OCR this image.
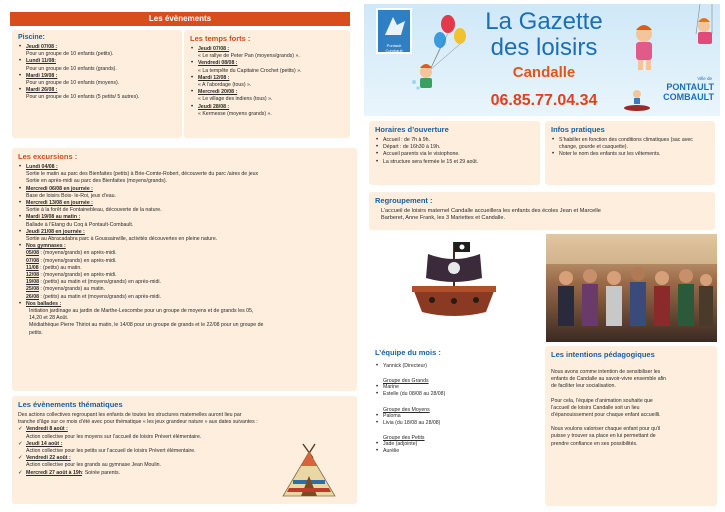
Les évènements
Piscine:
• Jeudi 07/08 :
Pour un groupe de 10 enfants (petits).
• Lundi 11/08:
Pour un groupe de 10 enfants (grands).
• Mardi 19/08 :
Pour un groupe de 10 enfants (moyens).
• Mardi 26/08 :
Pour un groupe de 10 enfants (5 petits/ 5 autres).
Les temps forts :
• Jeudi 07/08 :
« Le rallye de Peter Pan (moyens/grands) ».
• Vendredi 08/08 :
« La tempête du Capitaine Crochet (petits) ».
• Mardi 12/08 :
« A l’abordage (tous) ».
• Mercredi 20/08 :
« Le village des indiens (tous) ».
• Jeudi 28/08 :
« Kermesse (moyens grands) ».
Les excursions :
• Lundi 04/08 :
Sortie le matin au parc des Bienfaites (petits) à Brie-Comte-Robert, découverte du parc /aires de jeux
Sortie en après-midi au parc des Bienfaites (moyens/grands).
• Mercredi 06/08 en journée :
Base de loisirs Bois- le-Roi, jeux d’eau.
• Mercredi 13/08 en journée :
Sortie à la forêt de Fontainebleau, découverte de la nature.
• Mardi 19/08 au matin :
Ballade à l’Etang du Coq à Pontault-Combault.
• Jeudi 21/08 en journée :
Sortie au Abracadabra parc à Goussainville, activités découvertes en pleine nature.
• Nos gymnases :
05/08 : (moyens/grands) en après-midi.
07/08 : (moyens/grands) en après-midi.
11/08 : (petits) au matin.
12/08 : (moyens/grands) en après-midi.
19/08 : (petits) au matin et (moyens/grands) en après-midi.
25/08 : (moyens/grands) au matin.
26/08 : (petits) au matin et (moyens/grands) en après-midi.
• Nos ballades :
Initiation jardinage au jardin de Marthe-Lescombe pour un groupe de moyens et de grands les 05,
14,20 et 28 Août.
Médiathèque Pierre Thiriot au matin, le 14/08 pour un groupe de grands et le 22/08 pour un groupe de
petits.
Les évènements thématiques
Des actions collectives regroupant les enfants de toutes les structures maternelles auront lieu par
tranche d’âge sur ce mois d’été avec pour thématique « les jeux grandeur nature » aux dates suivantes :
✓ Vendredi 8 août :
Action collective pour les moyens sur l’accueil de loisirs Prévert élémentaire.
✓ Jeudi 14 août :
Action collective pour les petits sur l’accueil de loisirs Prévert élémentaire.
✓ Vendredi 22 août :
Action collective pour les grands au gymnase Jean Moulin.
✓ Mercredi 27 août à 19h: Soirée parents.
Pontault Combault
La Gazette
des loisirs
Candalle
06.85.77.04.34
Ville de
PONTAULT
COMBAULT
Horaires d’ouverture
• Accueil : de 7h à 9h.
• Départ : de 16h30 à 19h.
• Accueil parents via le visiophone.
• La structure sera fermée le 15 et 29 août.
Infos pratiques
• S’habiller en fonction des conditions climatiques (sac avec change, gourde et casquette).
• Noter le nom des enfants sur les vêtements.
Regroupement :
L’accueil de loisirs maternel Candalle accueillera les enfants des écoles Jean et Marcelle
Barberet, Anne Frank, les 3 Mariettes et Candalle.
L’équipe du mois :
• Yannick (Directeur)
Groupe des Grands
• Marine
• Estelle (du 08/08 au 28/08)
Groupe des Moyens
• Paloma
• Livia (du 18/08 au 28/08)
Groupe des Petits
• Jade (adjointe)
• Aurélie
Les intentions pédagogiques
Nous avons comme intention de sensibiliser les
enfants de Candalle au savoir-vivre ensemble afin
de faciliter leur socialisation.
Pour cela, l’équipe d’animation souhaite que
l’accueil de loisirs Candalle soit un lieu
d’épanouissement pour chaque enfant accueilli.
Nous voulons valoriser chaque enfant pour qu’il
puisse y trouver sa place en lui permettant de
prendre confiance en ses possibilités.
